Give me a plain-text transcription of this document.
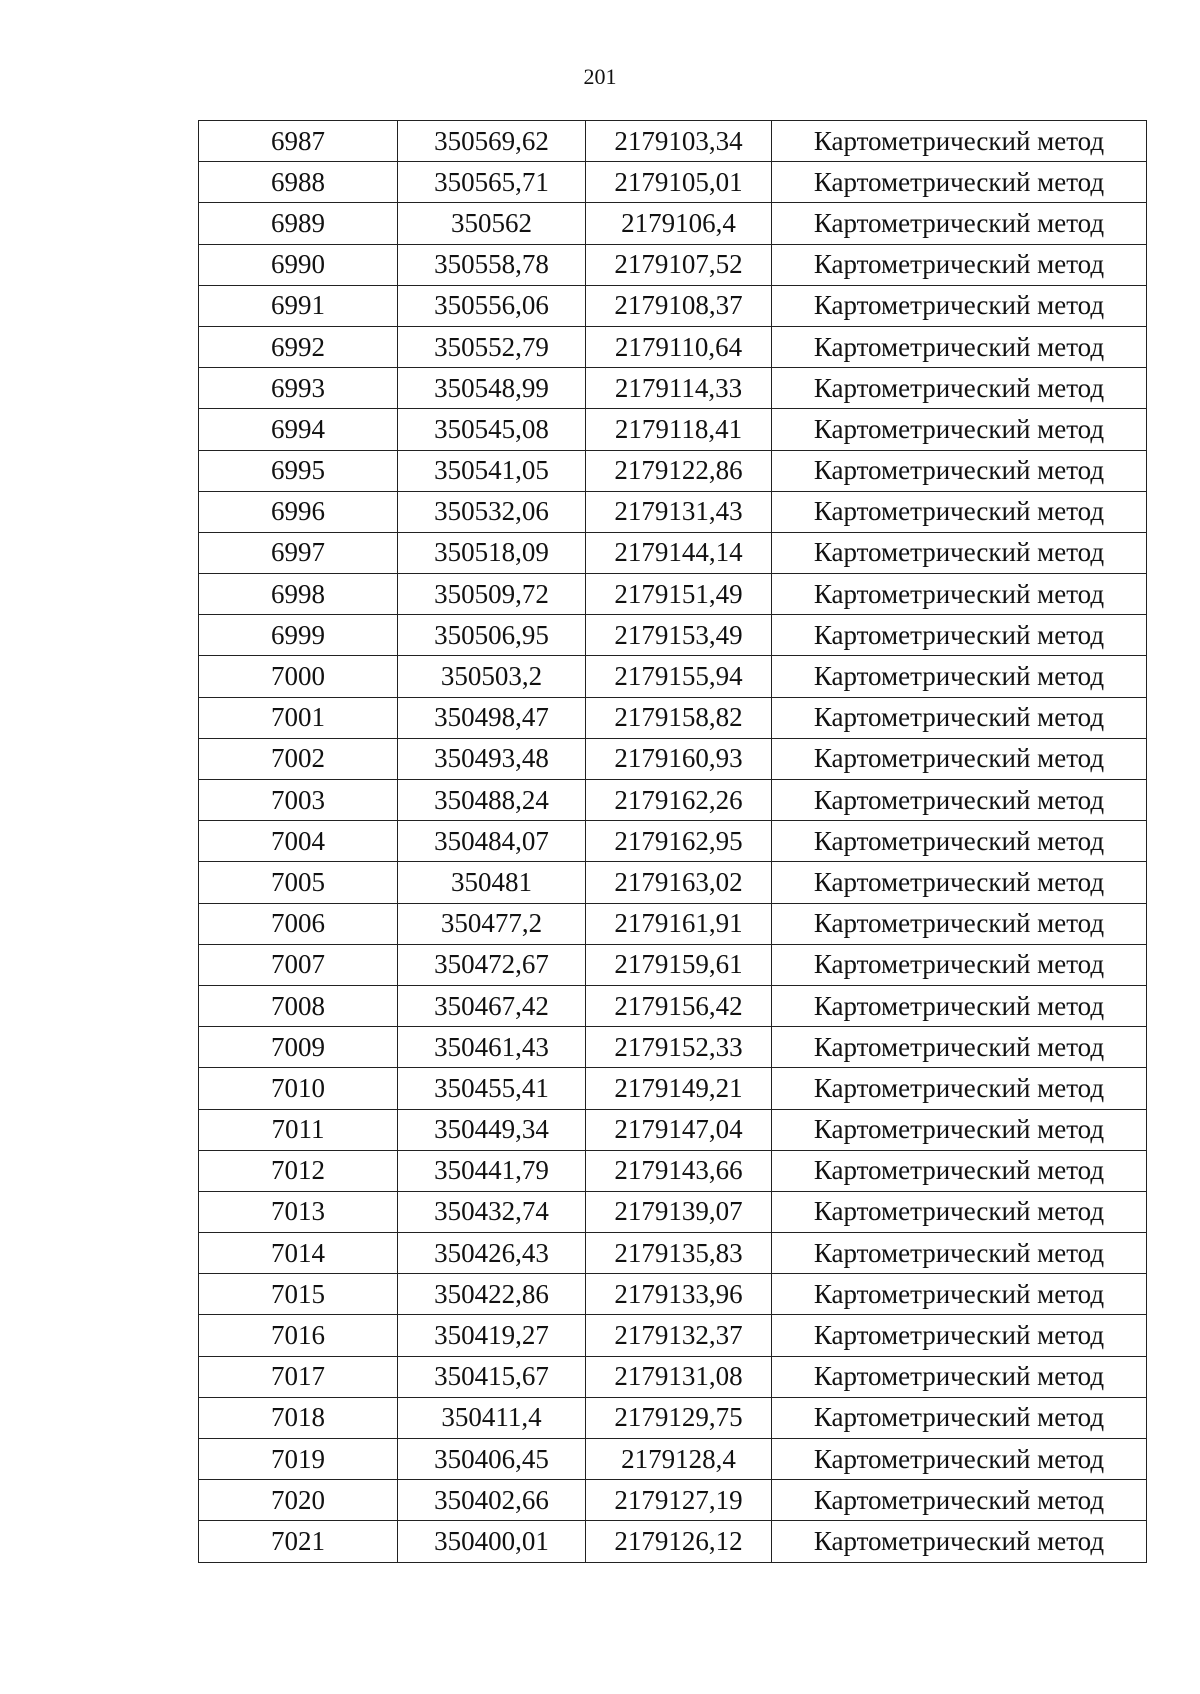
201
6987	350569,62	2179103,34	Картометрический метод
6988	350565,71	2179105,01	Картометрический метод
6989	350562	2179106,4	Картометрический метод
6990	350558,78	2179107,52	Картометрический метод
6991	350556,06	2179108,37	Картометрический метод
6992	350552,79	2179110,64	Картометрический метод
6993	350548,99	2179114,33	Картометрический метод
6994	350545,08	2179118,41	Картометрический метод
6995	350541,05	2179122,86	Картометрический метод
6996	350532,06	2179131,43	Картометрический метод
6997	350518,09	2179144,14	Картометрический метод
6998	350509,72	2179151,49	Картометрический метод
6999	350506,95	2179153,49	Картометрический метод
7000	350503,2	2179155,94	Картометрический метод
7001	350498,47	2179158,82	Картометрический метод
7002	350493,48	2179160,93	Картометрический метод
7003	350488,24	2179162,26	Картометрический метод
7004	350484,07	2179162,95	Картометрический метод
7005	350481	2179163,02	Картометрический метод
7006	350477,2	2179161,91	Картометрический метод
7007	350472,67	2179159,61	Картометрический метод
7008	350467,42	2179156,42	Картометрический метод
7009	350461,43	2179152,33	Картометрический метод
7010	350455,41	2179149,21	Картометрический метод
7011	350449,34	2179147,04	Картометрический метод
7012	350441,79	2179143,66	Картометрический метод
7013	350432,74	2179139,07	Картометрический метод
7014	350426,43	2179135,83	Картометрический метод
7015	350422,86	2179133,96	Картометрический метод
7016	350419,27	2179132,37	Картометрический метод
7017	350415,67	2179131,08	Картометрический метод
7018	350411,4	2179129,75	Картометрический метод
7019	350406,45	2179128,4	Картометрический метод
7020	350402,66	2179127,19	Картометрический метод
7021	350400,01	2179126,12	Картометрический метод
